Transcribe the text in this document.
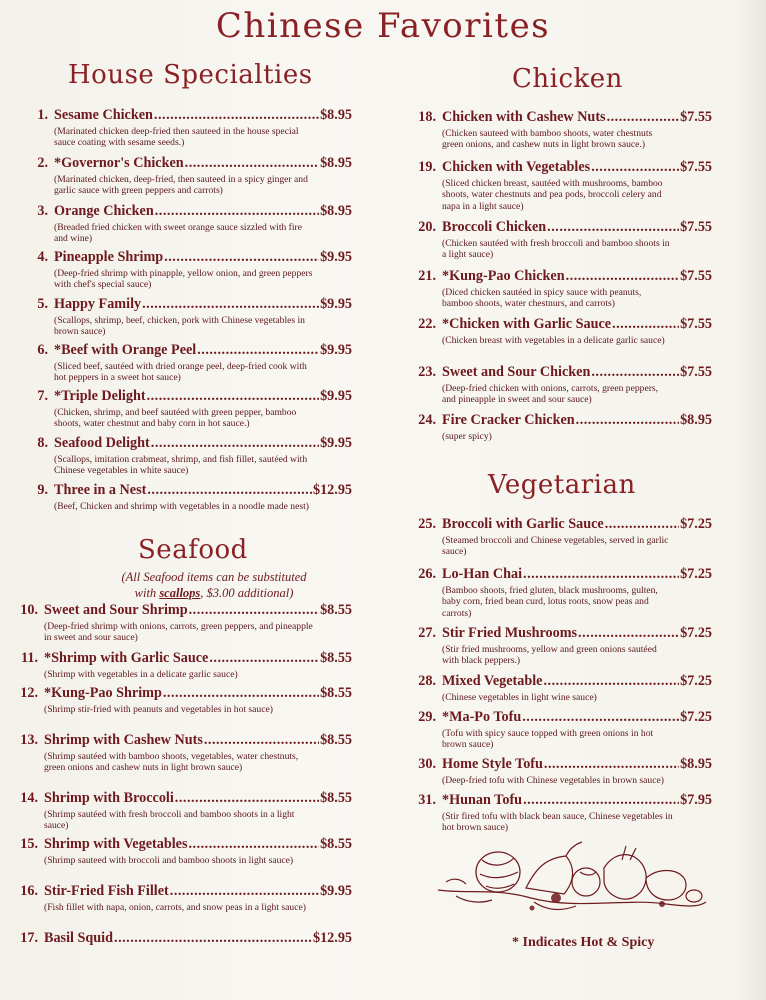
Chinese Favorites
House Specialties
1. Sesame Chicken .....	$8.95
(Marinated chicken deep-fried then sauteed in the house special sauce coating with sesame seeds.)
2. *Governor's Chicken .....	$8.95
(Marinated chicken, deep-fried, then sauteed in a spicy ginger and garlic sauce with green peppers and carrots)
3. Orange Chicken .....	$8.95
(Breaded fried chicken with sweet orange sauce sizzled with fire and wine)
4. Pineapple Shrimp .....	$9.95
(Deep-fried shrimp with pinapple, yellow onion, and green peppers with chef's special sauce)
5. Happy Family .....	$9.95
(Scallops, shrimp, beef, chicken, pork with Chinese vegetables in brown sauce)
6. *Beef with Orange Peel .....	$9.95
(Sliced beef, sautéed with dried orange peel, deep-fried cook with hot peppers in a sweet hot sauce)
7. *Triple Delight .....	$9.95
(Chicken, shrimp, and beef sautéed with green pepper, bamboo shoots, water chestnut and baby corn in hot sauce.)
8. Seafood Delight .....	$9.95
(Scallops, imitation crabmeat, shrimp, and fish fillet, sautéed with Chinese vegetables in white sauce)
9. Three in a Nest .....	$12.95
(Beef, Chicken and shrimp with vegetables in a noodle made nest)
Seafood
(All Seafood items can be substituted
with scallops, $3.00 additional)
10. Sweet and Sour Shrimp .....	$8.55
(Deep-fried shrimp with onions, carrots, green peppers, and pineapple in sweet and sour sauce)
11. *Shrimp with Garlic Sauce .....	$8.55
(Shrimp with vegetables in a delicate garlic sauce)
12. *Kung-Pao Shrimp .....	$8.55
(Shrimp stir-fried with peanuts and vegetables in hot sauce)
13. Shrimp with Cashew Nuts .....	$8.55
(Shrimp sautéed with bamboo shoots, vegetables, water chestnuts, green onions and cashew nuts in light brown sauce)
14. Shrimp with Broccoli .....	$8.55
(Shrimp sautéed with fresh broccoli and bamboo shoots in a light sauce)
15. Shrimp with Vegetables .....	$8.55
(Shrimp sauteed with broccoli and bamboo shoots in light sauce)
16. Stir-Fried Fish Fillet .....	$9.95
(Fish fillet with napa, onion, carrots, and snow peas in a light sauce)
17. Basil Squid .....	$12.95
Chicken
18. Chicken with Cashew Nuts .....	$7.55
(Chicken sauteed with bamboo shoots, water chestnuts green onions, and cashew nuts in light brown sauce.)
19. Chicken with Vegetables .....	$7.55
(Sliced chicken breast, sautéed with mushrooms, bamboo shoots, water chestnuts and pea pods, broccoli celery and napa in a light sauce)
20. Broccoli Chicken .....	$7.55
(Chicken sautéed with fresh broccoli and bamboo shoots in a light sauce)
21. *Kung-Pao Chicken .....	$7.55
(Diced chicken sautéed in spicy sauce with peanuts, bamboo shoots, water chestnurs, and carrots)
22. *Chicken with Garlic Sauce .....	$7.55
(Chicken breast with vegetables in a delicate garlic sauce)
23. Sweet and Sour Chicken .....	$7.55
(Deep-fried chicken with onions, carrots, green peppers, and pineapple in sweet and sour sauce)
24. Fire Cracker Chicken .....	$8.95
(super spicy)
Vegetarian
25. Broccoli with Garlic Sauce .....	$7.25
(Steamed broccoli and Chinese vegetables, served in garlic sauce)
26. Lo-Han Chai .....	$7.25
(Bamboo shoots, fried gluten, black mushrooms, gulten, baby corn, fried bean curd, lotus roots, snow peas and carrots)
27. Stir Fried Mushrooms .....	$7.25
(Stir fried mushrooms, yellow and green onions sautéed with black peppers.)
28. Mixed Vegetable .....	$7.25
(Chinese vegetables in light wine sauce)
29. *Ma-Po Tofu .....	$7.25
(Tofu with spicy sauce topped with green onions in hot brown sauce)
30. Home Style Tofu .....	$8.95
(Deep-fried tofu with Chinese vegetables in brown sauce)
31. *Hunan Tofu .....	$7.95
(Stir fired tofu with black bean sauce, Chinese vegetables in hot brown sauce)
* Indicates Hot & Spicy
